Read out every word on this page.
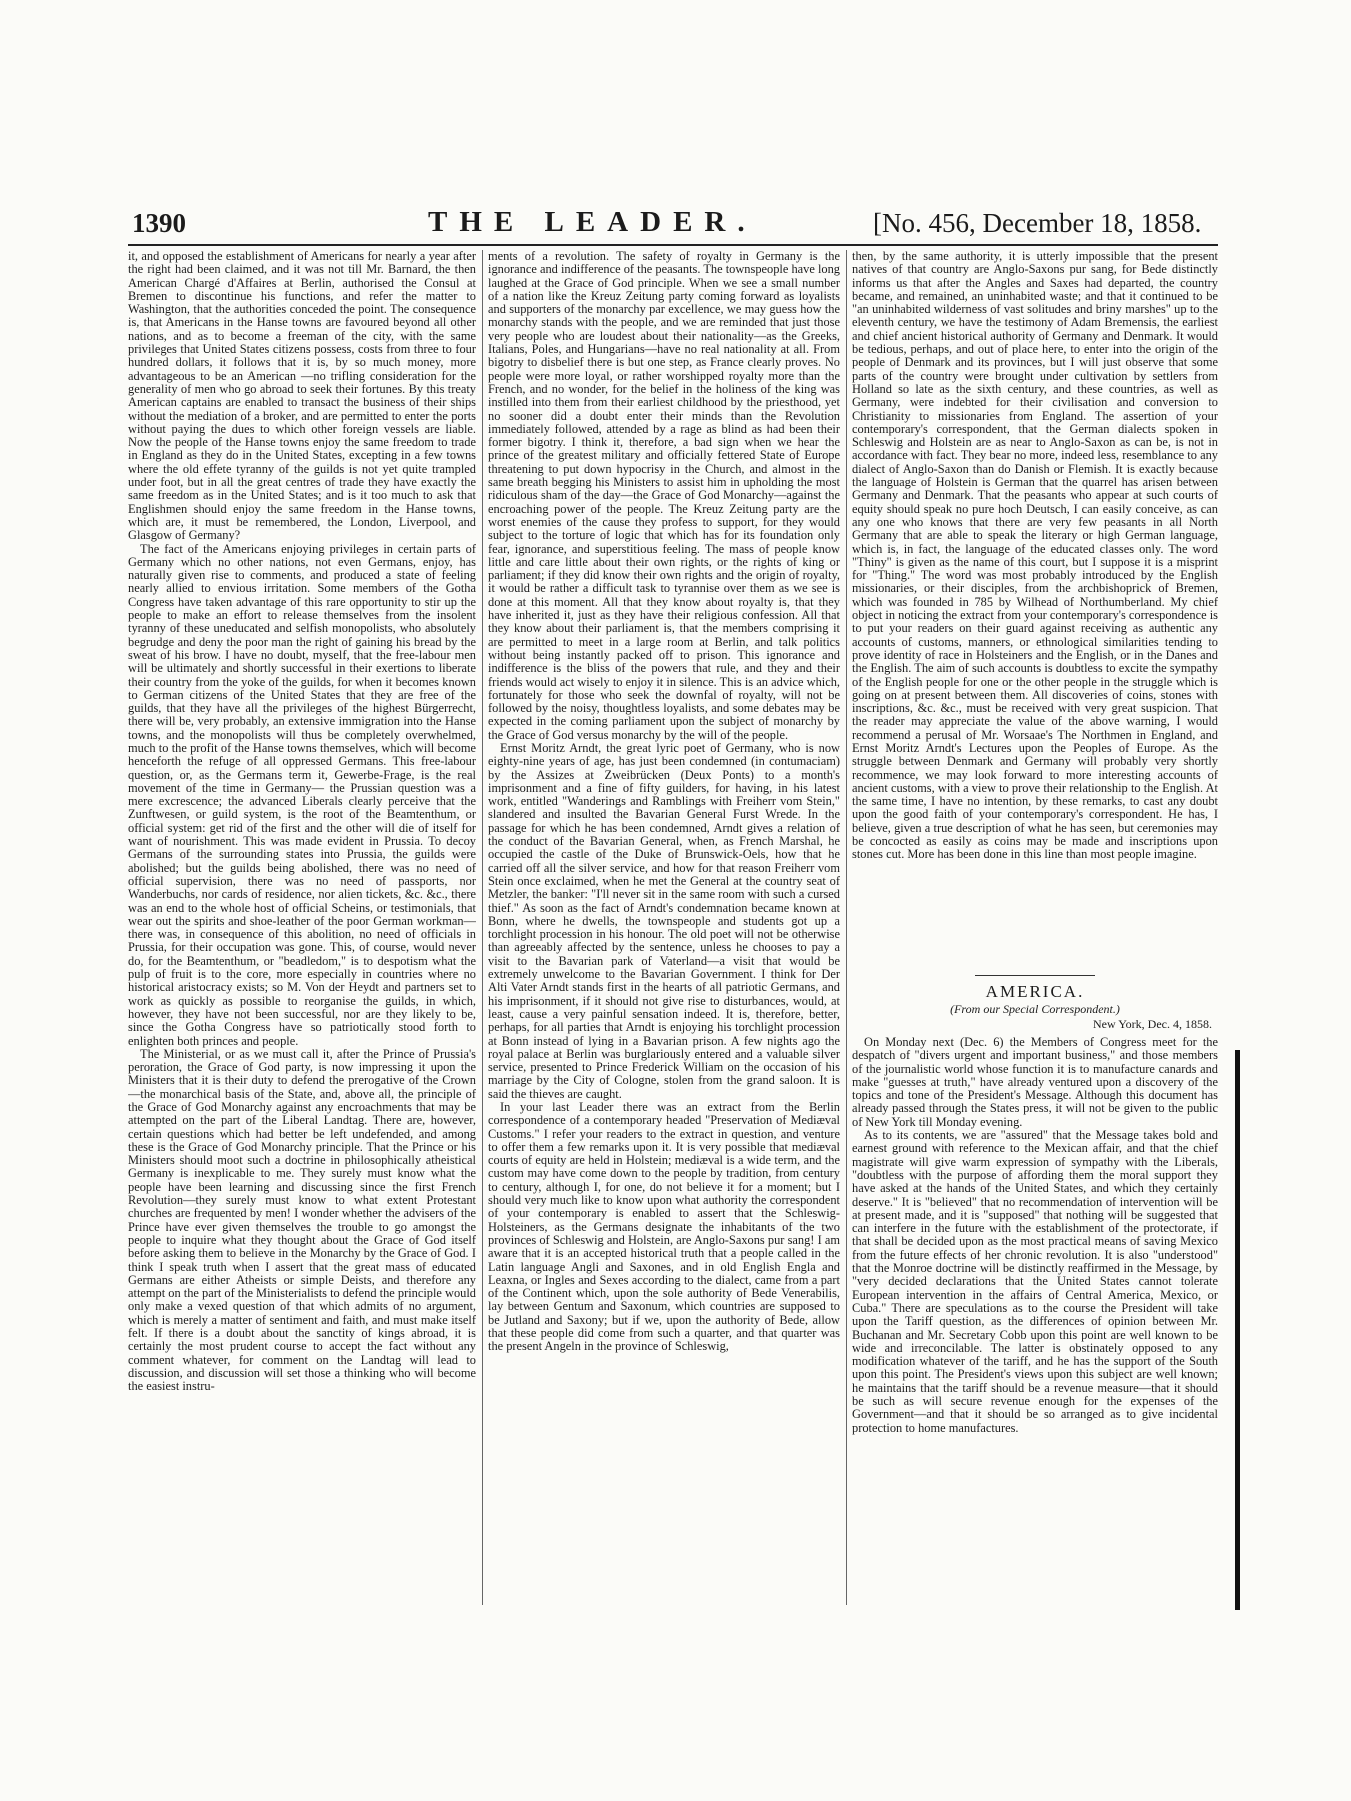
1390	THE LEADER.	[No. 456, December 18, 1858.

it, and opposed the establishment of Americans for nearly a year after the right had been claimed, and it was not till Mr. Barnard, the then American Chargé d'Affaires at Berlin, authorised the Consul at Bremen to discontinue his functions, and refer the matter to Washington, that the authorities conceded the point. The consequence is, that Americans in the Hanse towns are favoured beyond all other nations, and as to become a freeman of the city, with the same privileges that United States citizens possess, costs from three to four hundred dollars, it follows that it is, by so much money, more advantageous to be an American —no trifling consideration for the generality of men who go abroad to seek their fortunes. By this treaty American captains are enabled to transact the business of their ships without the mediation of a broker, and are permitted to enter the ports without paying the dues to which other foreign vessels are liable. Now the people of the Hanse towns enjoy the same freedom to trade in England as they do in the United States, excepting in a few towns where the old effete tyranny of the guilds is not yet quite trampled under foot, but in all the great centres of trade they have exactly the same freedom as in the United States; and is it too much to ask that Englishmen should enjoy the same freedom in the Hanse towns, which are, it must be remembered, the London, Liverpool, and Glasgow of Germany?

The fact of the Americans enjoying privileges in certain parts of Germany which no other nations, not even Germans, enjoy, has naturally given rise to comments, and produced a state of feeling nearly allied to envious irritation. Some members of the Gotha Congress have taken advantage of this rare opportunity to stir up the people to make an effort to release themselves from the insolent tyranny of these uneducated and selfish monopolists, who absolutely begrudge and deny the poor man the right of gaining his bread by the sweat of his brow. I have no doubt, myself, that the free-labour men will be ultimately and shortly successful in their exertions to liberate their country from the yoke of the guilds, for when it becomes known to German citizens of the United States that they are free of the guilds, that they have all the privileges of the highest Bürgerrecht, there will be, very probably, an extensive immigration into the Hanse towns, and the monopolists will thus be completely overwhelmed, much to the profit of the Hanse towns themselves, which will become henceforth the refuge of all oppressed Germans. This free-labour question, or, as the Germans term it, Gewerbe-Frage, is the real movement of the time in Germany— the Prussian question was a mere excrescence; the advanced Liberals clearly perceive that the Zunftwesen, or guild system, is the root of the Beamtenthum, or official system: get rid of the first and the other will die of itself for want of nourishment. This was made evident in Prussia. To decoy Germans of the surrounding states into Prussia, the guilds were abolished; but the guilds being abolished, there was no need of official supervision, there was no need of passports, nor Wanderbuchs, nor cards of residence, nor alien tickets, &c. &c., there was an end to the whole host of official Scheins, or testimonials, that wear out the spirits and shoe-leather of the poor German workman—there was, in consequence of this abolition, no need of officials in Prussia, for their occupation was gone. This, of course, would never do, for the Beamtenthum, or "beadledom," is to despotism what the pulp of fruit is to the core, more especially in countries where no historical aristocracy exists; so M. Von der Heydt and partners set to work as quickly as possible to reorganise the guilds, in which, however, they have not been successful, nor are they likely to be, since the Gotha Congress have so patriotically stood forth to enlighten both princes and people.

The Ministerial, or as we must call it, after the Prince of Prussia's peroration, the Grace of God party, is now impressing it upon the Ministers that it is their duty to defend the prerogative of the Crown—the monarchical basis of the State, and, above all, the principle of the Grace of God Monarchy against any encroachments that may be attempted on the part of the Liberal Landtag. There are, however, certain questions which had better be left undefended, and among these is the Grace of God Monarchy principle. That the Prince or his Ministers should moot such a doctrine in philosophically atheistical Germany is inexplicable to me. They surely must know what the people have been learning and discussing since the first French Revolution—they surely must know to what extent Protestant churches are frequented by men! I wonder whether the advisers of the Prince have ever given themselves the trouble to go amongst the people to inquire what they thought about the Grace of God itself before asking them to believe in the Monarchy by the Grace of God. I think I speak truth when I assert that the great mass of educated Germans are either Atheists or simple Deists, and therefore any attempt on the part of the Ministerialists to defend the principle would only make a vexed question of that which admits of no argument, which is merely a matter of sentiment and faith, and must make itself felt. If there is a doubt about the sanctity of kings abroad, it is certainly the most prudent course to accept the fact without any comment whatever, for comment on the Landtag will lead to discussion, and discussion will set those a thinking who will become the easiest instru-

ments of a revolution. The safety of royalty in Germany is the ignorance and indifference of the peasants. The townspeople have long laughed at the Grace of God principle. When we see a small number of a nation like the Kreuz Zeitung party coming forward as loyalists and supporters of the monarchy par excellence, we may guess how the monarchy stands with the people, and we are reminded that just those very people who are loudest about their nationality—as the Greeks, Italians, Poles, and Hungarians—have no real nationality at all. From bigotry to disbelief there is but one step, as France clearly proves. No people were more loyal, or rather worshipped royalty more than the French, and no wonder, for the belief in the holiness of the king was instilled into them from their earliest childhood by the priesthood, yet no sooner did a doubt enter their minds than the Revolution immediately followed, attended by a rage as blind as had been their former bigotry. I think it, therefore, a bad sign when we hear the prince of the greatest military and officially fettered State of Europe threatening to put down hypocrisy in the Church, and almost in the same breath begging his Ministers to assist him in upholding the most ridiculous sham of the day—the Grace of God Monarchy—against the encroaching power of the people. The Kreuz Zeitung party are the worst enemies of the cause they profess to support, for they would subject to the torture of logic that which has for its foundation only fear, ignorance, and superstitious feeling. The mass of people know little and care little about their own rights, or the rights of king or parliament; if they did know their own rights and the origin of royalty, it would be rather a difficult task to tyrannise over them as we see is done at this moment. All that they know about royalty is, that they have inherited it, just as they have their religious confession. All that they know about their parliament is, that the members comprising it are permitted to meet in a large room at Berlin, and talk politics without being instantly packed off to prison. This ignorance and indifference is the bliss of the powers that rule, and they and their friends would act wisely to enjoy it in silence. This is an advice which, fortunately for those who seek the downfal of royalty, will not be followed by the noisy, thoughtless loyalists, and some debates may be expected in the coming parliament upon the subject of monarchy by the Grace of God versus monarchy by the will of the people.

Ernst Moritz Arndt, the great lyric poet of Germany, who is now eighty-nine years of age, has just been condemned (in contumaciam) by the Assizes at Zweibrücken (Deux Ponts) to a month's imprisonment and a fine of fifty guilders, for having, in his latest work, entitled "Wanderings and Ramblings with Freiherr vom Stein," slandered and insulted the Bavarian General Furst Wrede. In the passage for which he has been condemned, Arndt gives a relation of the conduct of the Bavarian General, when, as French Marshal, he occupied the castle of the Duke of Brunswick-Oels, how that he carried off all the silver service, and how for that reason Freiherr vom Stein once exclaimed, when he met the General at the country seat of Metzler, the banker: "I'll never sit in the same room with such a cursed thief." As soon as the fact of Arndt's condemnation became known at Bonn, where he dwells, the townspeople and students got up a torchlight procession in his honour. The old poet will not be otherwise than agreeably affected by the sentence, unless he chooses to pay a visit to the Bavarian park of Vaterland—a visit that would be extremely unwelcome to the Bavarian Government. I think for Der Alti Vater Arndt stands first in the hearts of all patriotic Germans, and his imprisonment, if it should not give rise to disturbances, would, at least, cause a very painful sensation indeed. It is, therefore, better, perhaps, for all parties that Arndt is enjoying his torchlight procession at Bonn instead of lying in a Bavarian prison. A few nights ago the royal palace at Berlin was burglariously entered and a valuable silver service, presented to Prince Frederick William on the occasion of his marriage by the City of Cologne, stolen from the grand saloon. It is said the thieves are caught.

In your last Leader there was an extract from the Berlin correspondence of a contemporary headed "Preservation of Mediæval Customs." I refer your readers to the extract in question, and venture to offer them a few remarks upon it. It is very possible that mediæval courts of equity are held in Holstein; mediæval is a wide term, and the custom may have come down to the people by tradition, from century to century, although I, for one, do not believe it for a moment; but I should very much like to know upon what authority the correspondent of your contemporary is enabled to assert that the Schleswig-Holsteiners, as the Germans designate the inhabitants of the two provinces of Schleswig and Holstein, are Anglo-Saxons pur sang! I am aware that it is an accepted historical truth that a people called in the Latin language Angli and Saxones, and in old English Engla and Leaxna, or Ingles and Sexes according to the dialect, came from a part of the Continent which, upon the sole authority of Bede Venerabilis, lay between Gentum and Saxonum, which countries are supposed to be Jutland and Saxony; but if we, upon the authority of Bede, allow that these people did come from such a quarter, and that quarter was the present Angeln in the province of Schleswig,

then, by the same authority, it is utterly impossible that the present natives of that country are Anglo-Saxons pur sang, for Bede distinctly informs us that after the Angles and Saxes had departed, the country became, and remained, an uninhabited waste; and that it continued to be "an uninhabited wilderness of vast solitudes and briny marshes" up to the eleventh century, we have the testimony of Adam Bremensis, the earliest and chief ancient historical authority of Germany and Denmark. It would be tedious, perhaps, and out of place here, to enter into the origin of the people of Denmark and its provinces, but I will just observe that some parts of the country were brought under cultivation by settlers from Holland so late as the sixth century, and these countries, as well as Germany, were indebted for their civilisation and conversion to Christianity to missionaries from England. The assertion of your contemporary's correspondent, that the German dialects spoken in Schleswig and Holstein are as near to Anglo-Saxon as can be, is not in accordance with fact. They bear no more, indeed less, resemblance to any dialect of Anglo-Saxon than do Danish or Flemish. It is exactly because the language of Holstein is German that the quarrel has arisen between Germany and Denmark. That the peasants who appear at such courts of equity should speak no pure hoch Deutsch, I can easily conceive, as can any one who knows that there are very few peasants in all North Germany that are able to speak the literary or high German language, which is, in fact, the language of the educated classes only. The word "Thiny" is given as the name of this court, but I suppose it is a misprint for "Thing." The word was most probably introduced by the English missionaries, or their disciples, from the archbishoprick of Bremen, which was founded in 785 by Wilhead of Northumberland. My chief object in noticing the extract from your contemporary's correspondence is to put your readers on their guard against receiving as authentic any accounts of customs, manners, or ethnological similarities tending to prove identity of race in Holsteiners and the English, or in the Danes and the English. The aim of such accounts is doubtless to excite the sympathy of the English people for one or the other people in the struggle which is going on at present between them. All discoveries of coins, stones with inscriptions, &c. &c., must be received with very great suspicion. That the reader may appreciate the value of the above warning, I would recommend a perusal of Mr. Worsaae's The Northmen in England, and Ernst Moritz Arndt's Lectures upon the Peoples of Europe. As the struggle between Denmark and Germany will probably very shortly recommence, we may look forward to more interesting accounts of ancient customs, with a view to prove their relationship to the English. At the same time, I have no intention, by these remarks, to cast any doubt upon the good faith of your contemporary's correspondent. He has, I believe, given a true description of what he has seen, but ceremonies may be concocted as easily as coins may be made and inscriptions upon stones cut. More has been done in this line than most people imagine.

AMERICA.
(From our Special Correspondent.)
New York, Dec. 4, 1858.

On Monday next (Dec. 6) the Members of Congress meet for the despatch of "divers urgent and important business," and those members of the journalistic world whose function it is to manufacture canards and make "guesses at truth," have already ventured upon a discovery of the topics and tone of the President's Message. Although this document has already passed through the States press, it will not be given to the public of New York till Monday evening.

As to its contents, we are "assured" that the Message takes bold and earnest ground with reference to the Mexican affair, and that the chief magistrate will give warm expression of sympathy with the Liberals, "doubtless with the purpose of affording them the moral support they have asked at the hands of the United States, and which they certainly deserve." It is "believed" that no recommendation of intervention will be at present made, and it is "supposed" that nothing will be suggested that can interfere in the future with the establishment of the protectorate, if that shall be decided upon as the most practical means of saving Mexico from the future effects of her chronic revolution. It is also "understood" that the Monroe doctrine will be distinctly reaffirmed in the Message, by "very decided declarations that the United States cannot tolerate European intervention in the affairs of Central America, Mexico, or Cuba." There are speculations as to the course the President will take upon the Tariff question, as the differences of opinion between Mr. Buchanan and Mr. Secretary Cobb upon this point are well known to be wide and irreconcilable. The latter is obstinately opposed to any modification whatever of the tariff, and he has the support of the South upon this point. The President's views upon this subject are well known; he maintains that the tariff should be a revenue measure—that it should be such as will secure revenue enough for the expenses of the Government—and that it should be so arranged as to give incidental protection to home manufactures.
